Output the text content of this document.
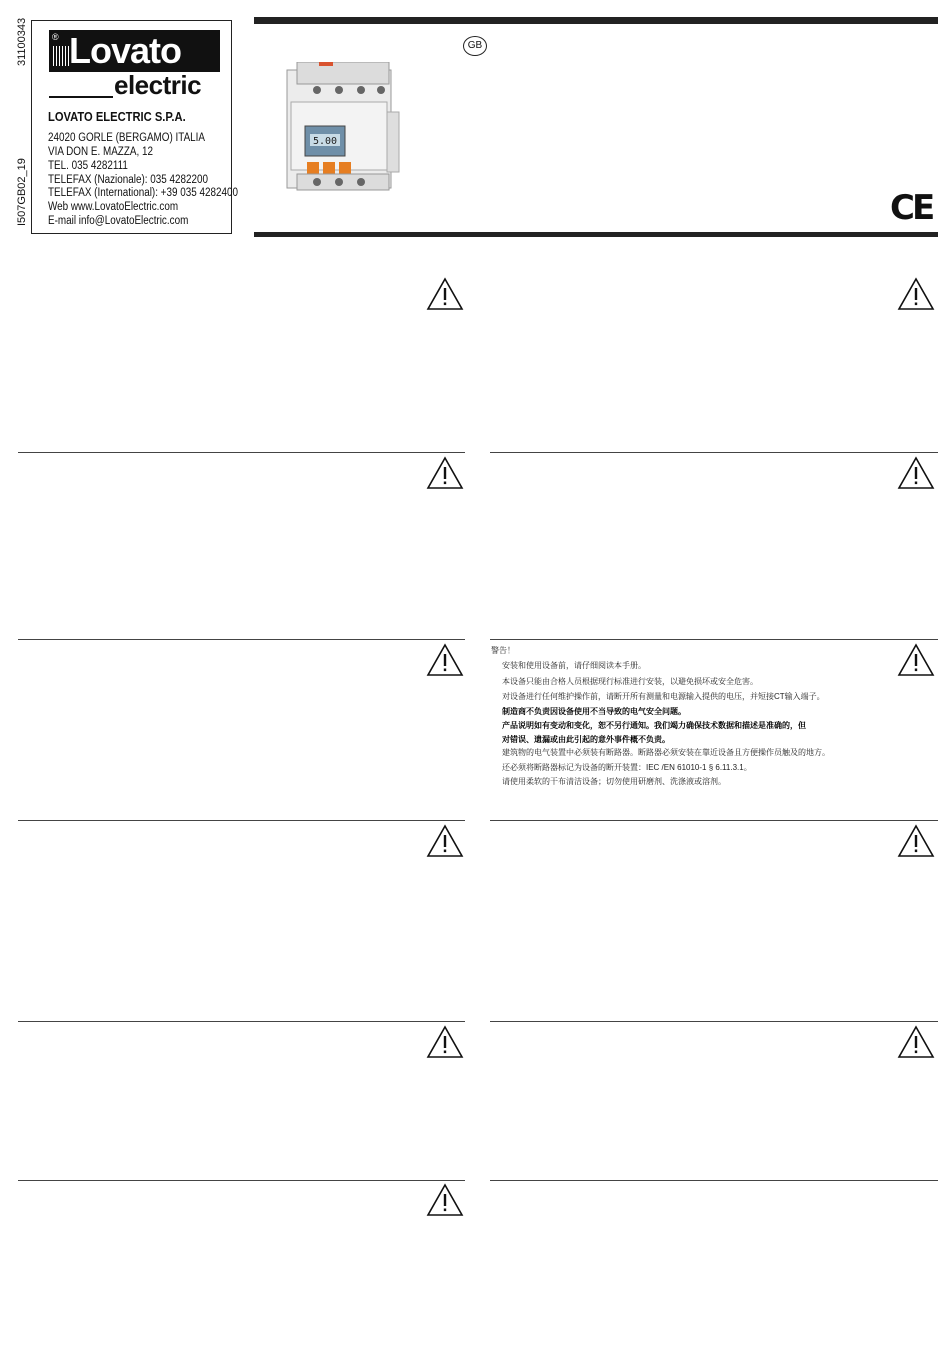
31100343
I507GB02_19
® Lovato
electric
LOVATO ELECTRIC S.P.A.
24020 GORLE (BERGAMO) ITALIA
VIA DON E. MAZZA, 12
TEL. 035 4282111
TELEFAX (Nazionale): 035 4282200
TELEFAX (International): +39 035 4282400
Web www.LovatoElectric.com
E-mail info@LovatoElectric.com
5.00
GB
CE
警告！
安装和使用设备前，请仔细阅读本手册。
本设备只能由合格人员根据现行标准进行安装，以避免损坏或安全危害。
对设备进行任何维护操作前，请断开所有测量和电源输入提供的电压，并短接CT输入端子。
制造商不负责因设备使用不当导致的电气安全问题。
产品说明如有变动和变化，恕不另行通知。我们竭力确保技术数据和描述是准确的，但
对错误、遗漏或由此引起的意外事件概不负责。
建筑物的电气装置中必须装有断路器。断路器必须安装在靠近设备且方便操作员触及的地方。
还必须将断路器标记为设备的断开装置：IEC /EN 61010-1 § 6.11.3.1。
请使用柔软的干布清洁设备；切勿使用研磨剂、洗涤液或溶剂。
